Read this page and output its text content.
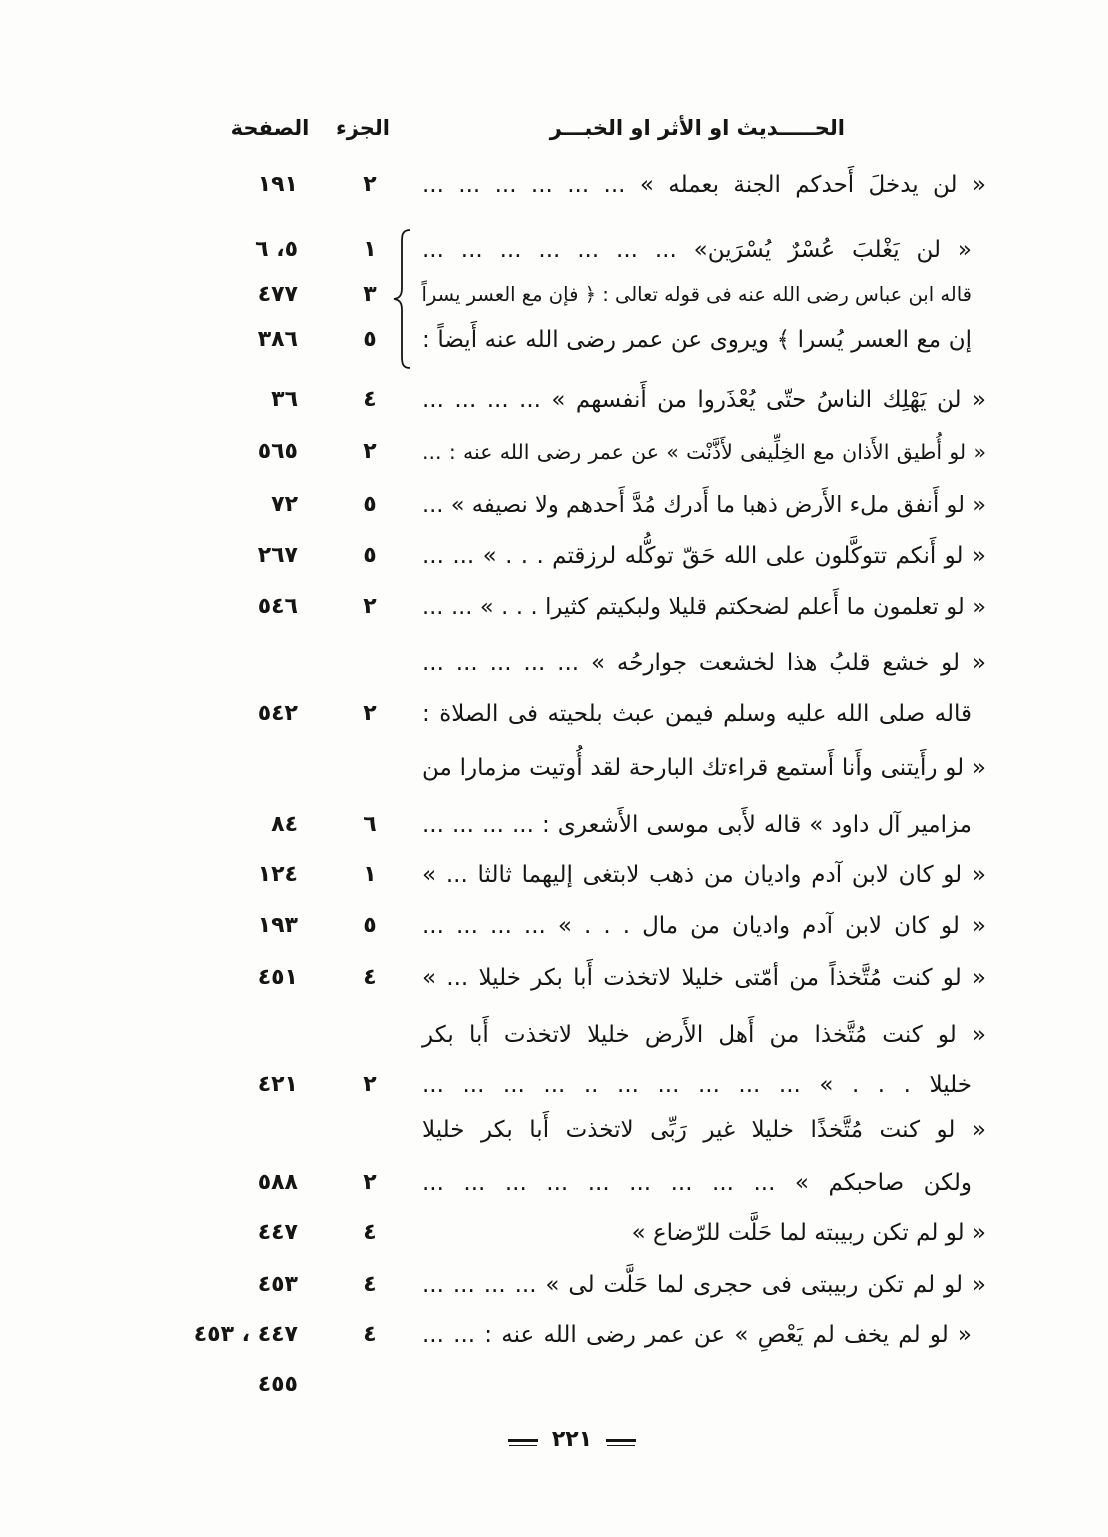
الحـــــديث او الأثر او الخبـــر
الجزء
الصفحة
« لن يدخلَ أَحدكم الجنة بعمله » ... ... ... ... ... ...
٢
١٩١
« لن يَغْلبَ عُسْرٌ يُسْرَين» ... ... ... ... ... ... ...
١
٥، ٦
قاله ابن عباس رضى الله عنه فى قوله تعالى : ﴿ فإن مع العسر يسراً
٣
٤٧٧
إن مع العسر يُسرا ﴾ ويروى عن عمر رضى الله عنه أَيضاً :
٥
٣٨٦
« لن يَهْلِك الناسُ حتّى يُعْذَروا من أَنفسهم » ... ... ... ...
٤
٣٦
« لو أُطيق الأَذان مع الخِلِّيفى لأَذَّنْت » عن عمر رضى الله عنه : ...
٢
٥٦٥
« لو أَنفق ملء الأَرض ذهبا ما أَدرك مُدَّ أَحدهم ولا نصيفه » ...
٥
٧٢
« لو أَنكم تتوكَّلون على الله حَقّ توكُّله لرزقتم . . . » ... ...
٥
٢٦٧
« لو تعلمون ما أَعلم لضحكتم قليلا ولبكيتم كثيرا . . . » ... ...
٢
٥٤٦
« لو خشع قلبُ هذا لخشعت جوارحُه » ... ... ... ... ...
قاله صلى الله عليه وسلم فيمن عبث بلحيته فى الصلاة :
٢
٥٤٢
« لو رأَيتنى وأَنا أَستمع قراءتك البارحة لقد أُوتيت مزمارا من
مزامير آل داود » قاله لأَبى موسى الأَشعرى : ... ... ... ...
٦
٨٤
« لو كان لابن آدم واديان من ذهب لابتغى إليهما ثالثا ... »
١
١٢٤
« لو كان لابن آدم واديان من مال . . . » ... ... ... ...
٥
١٩٣
« لو كنت مُتَّخذاً من أمّتى خليلا لاتخذت أَبا بكر خليلا ... »
٤
٤٥١
« لو كنت مُتَّخذا من أَهل الأَرض خليلا لاتخذت أَبا بكر
خليلا . . . » ... ... ... ... ... .. ... ... ... ...
٢
٤٢١
« لو كنت مُتَّخذًا خليلا غير رَبِّى لاتخذت أَبا بكر خليلا
ولكن صاحبكم » ... ... ... ... ... ... ... ... ...
٢
٥٨٨
« لو لم تكن ربيبته لما حَلَّت للرّضاع »
٤
٤٤٧
« لو لم تكن ربيبتى فى حجرى لما حَلَّت لى » ... ... ... ...
٤
٤٥٣
« لو لم يخف لم يَعْصِ » عن عمر رضى الله عنه : ... ...
٤
٤٤٧ ، ٤٥٣
٤٥٥
٢٢١
